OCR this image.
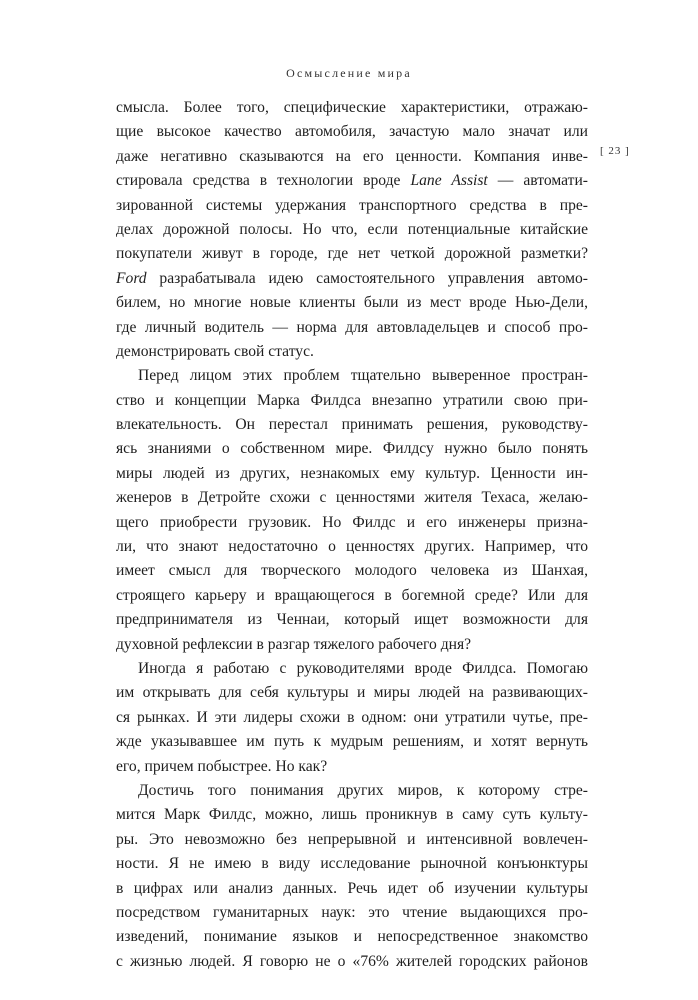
Осмысление мира
[ 23 ]
смысла. Более того, специфические характеристики, отражаю-
щие высокое качество автомобиля, зачастую мало значат или
даже негативно сказываются на его ценности. Компания инве-
стировала средства в технологии вроде Lane Assist — автомати-
зированной системы удержания транспортного средства в пре-
делах дорожной полосы. Но что, если потенциальные китайские
покупатели живут в городе, где нет четкой дорожной разметки?
Ford разрабатывала идею самостоятельного управления автомо-
билем, но многие новые клиенты были из мест вроде Нью-Дели,
где личный водитель — норма для автовладельцев и способ про-
демонстрировать свой статус.
Перед лицом этих проблем тщательно выверенное простран-
ство и концепции Марка Филдса внезапно утратили свою при-
влекательность. Он перестал принимать решения, руководству-
ясь знаниями о собственном мире. Филдсу нужно было понять
миры людей из других, незнакомых ему культур. Ценности ин-
женеров в Детройте схожи с ценностями жителя Техаса, желаю-
щего приобрести грузовик. Но Филдс и его инженеры призна-
ли, что знают недостаточно о ценностях других. Например, что
имеет смысл для творческого молодого человека из Шанхая,
строящего карьеру и вращающегося в богемной среде? Или для
предпринимателя из Ченнаи, который ищет возможности для
духовной рефлексии в разгар тяжелого рабочего дня?
Иногда я работаю с руководителями вроде Филдса. Помогаю
им открывать для себя культуры и миры людей на развивающих-
ся рынках. И эти лидеры схожи в одном: они утратили чутье, пре-
жде указывавшее им путь к мудрым решениям, и хотят вернуть
его, причем побыстрее. Но как?
Достичь того понимания других миров, к которому стре-
мится Марк Филдс, можно, лишь проникнув в саму суть культу-
ры. Это невозможно без непрерывной и интенсивной вовлечен-
ности. Я не имею в виду исследование рыночной конъюнктуры
в цифрах или анализ данных. Речь идет об изучении культуры
посредством гуманитарных наук: это чтение выдающихся про-
изведений, понимание языков и непосредственное знакомство
с жизнью людей. Я говорю не о «76% жителей городских районов
